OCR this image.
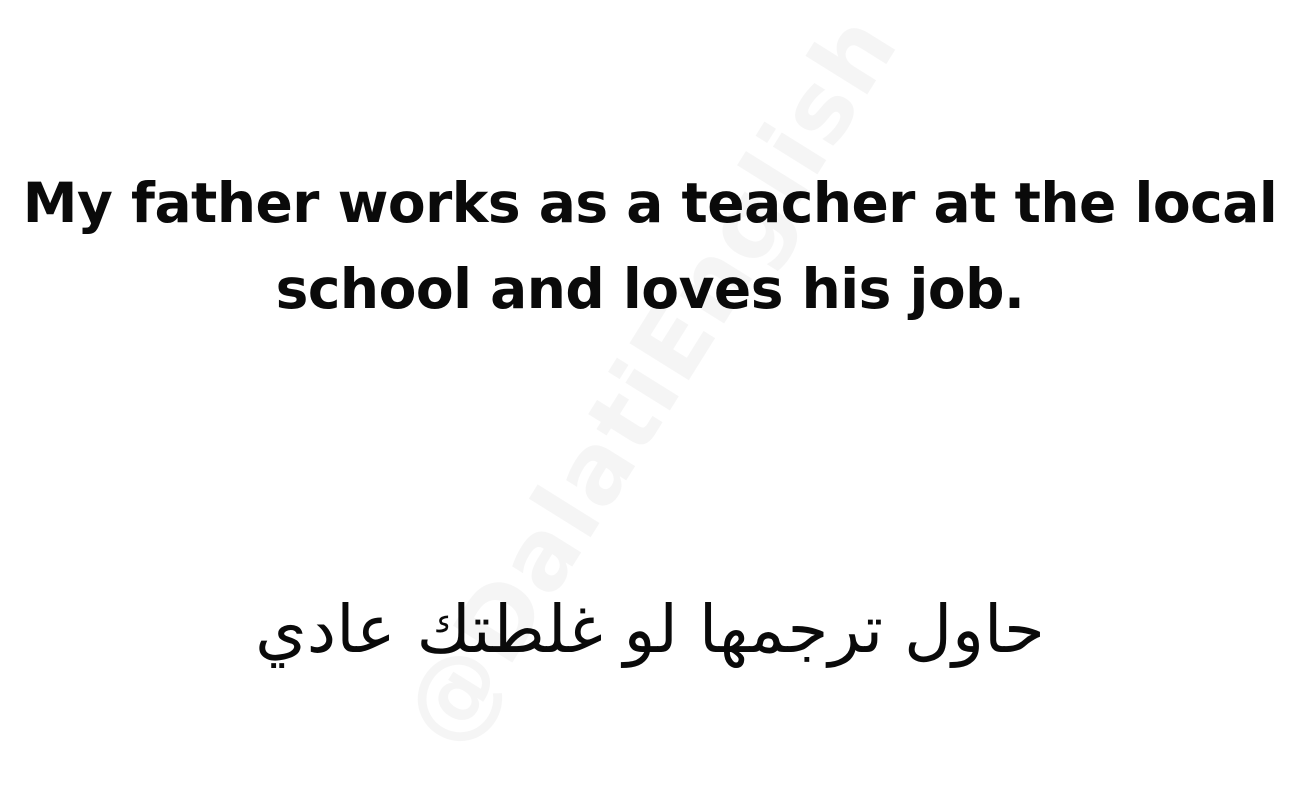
My father works as a teacher at the local
school and loves his job.
حاول ترجمها لو غلطتك عادي
